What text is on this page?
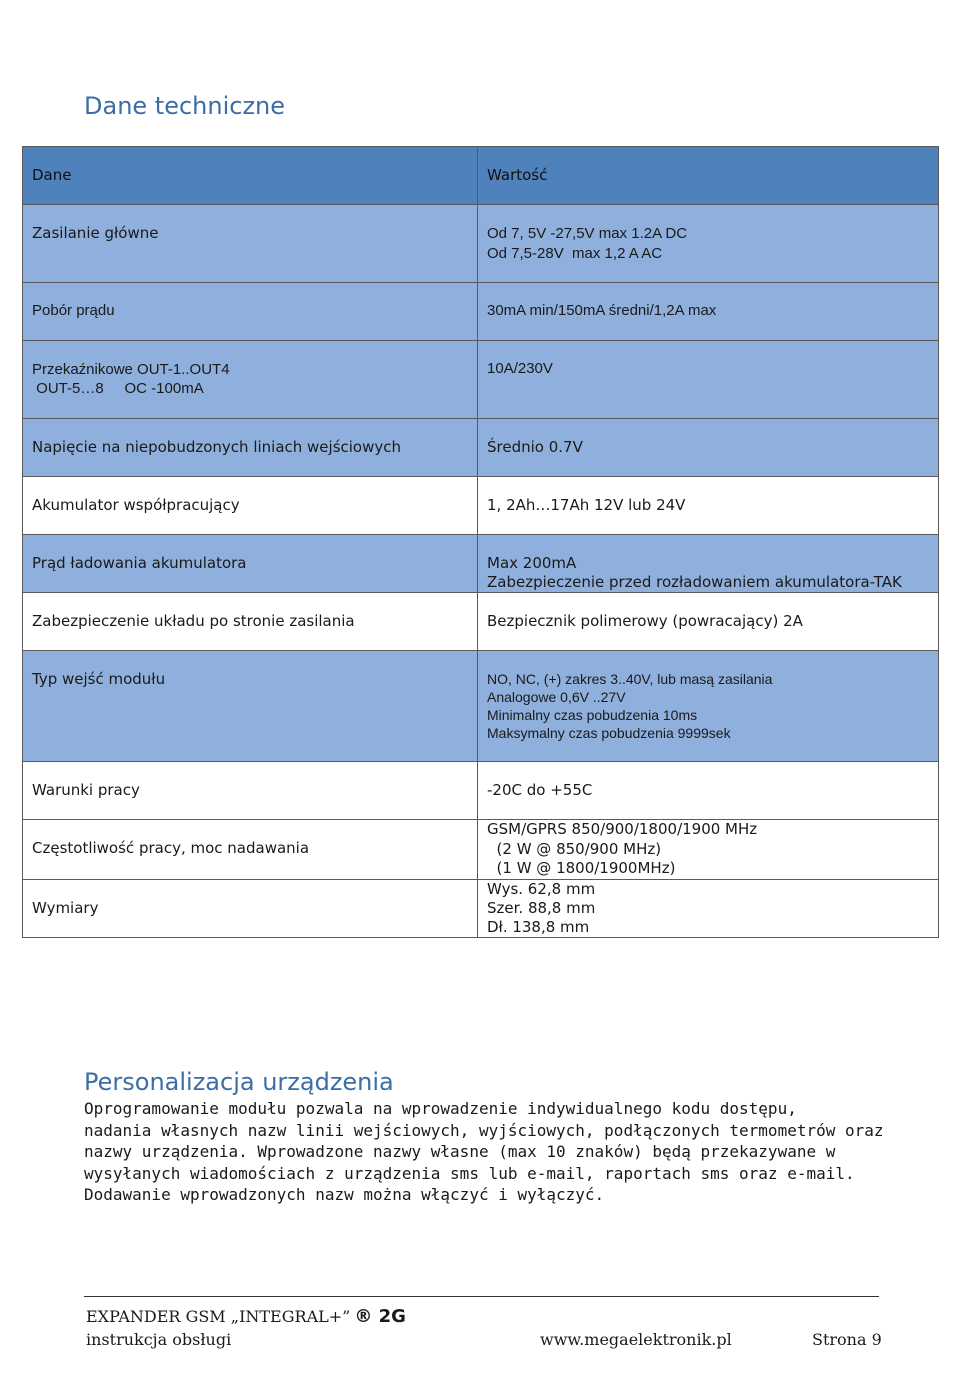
Dane techniczne
Dane	Wartość

Zasilanie główne	Od 7, 5V -27,5V max 1.2A DC
Od 7,5-28V  max 1,2 A AC

Pobór prądu	30mA min/150mA średni/1,2A max

Przekaźnikowe OUT-1..OUT4
OUT-5…8     OC -100mA	10A/230V

Napięcie na niepobudzonych liniach wejściowych	Średnio 0.7V

Akumulator współpracujący	1, 2Ah…17Ah 12V lub 24V

Prąd ładowania akumulatora	Max 200mA
Zabezpieczenie przed rozładowaniem akumulatora-TAK

Zabezpieczenie układu po stronie zasilania	Bezpiecznik polimerowy (powracający) 2A

Typ wejść modułu	NO, NC, (+) zakres 3..40V, lub masą zasilania
Analogowe 0,6V ..27V
Minimalny czas pobudzenia 10ms
Maksymalny czas pobudzenia 9999sek

Warunki pracy	-20C do +55C

Częstotliwość pracy, moc nadawania	GSM/GPRS 850/900/1800/1900 MHz
(2 W @ 850/900 MHz)
(1 W @ 1800/1900MHz)

Wymiary	Wys. 62,8 mm
Szer. 88,8 mm
Dł. 138,8 mm
Personalizacja urządzenia
Oprogramowanie modułu pozwala na wprowadzenie indywidualnego kodu dostępu,
nadania własnych nazw linii wejściowych, wyjściowych, podłączonych termometrów oraz
nazwy urządzenia. Wprowadzone nazwy własne (max 10 znaków) będą przekazywane w
wysyłanych wiadomościach z urządzenia sms lub e-mail, raportach sms oraz e-mail.
Dodawanie wprowadzonych nazw można włączyć i wyłączyć.
EXPANDER GSM „INTEGRAL+” ® 2G
instrukcja obsługi	www.megaelektronik.pl	Strona 9
